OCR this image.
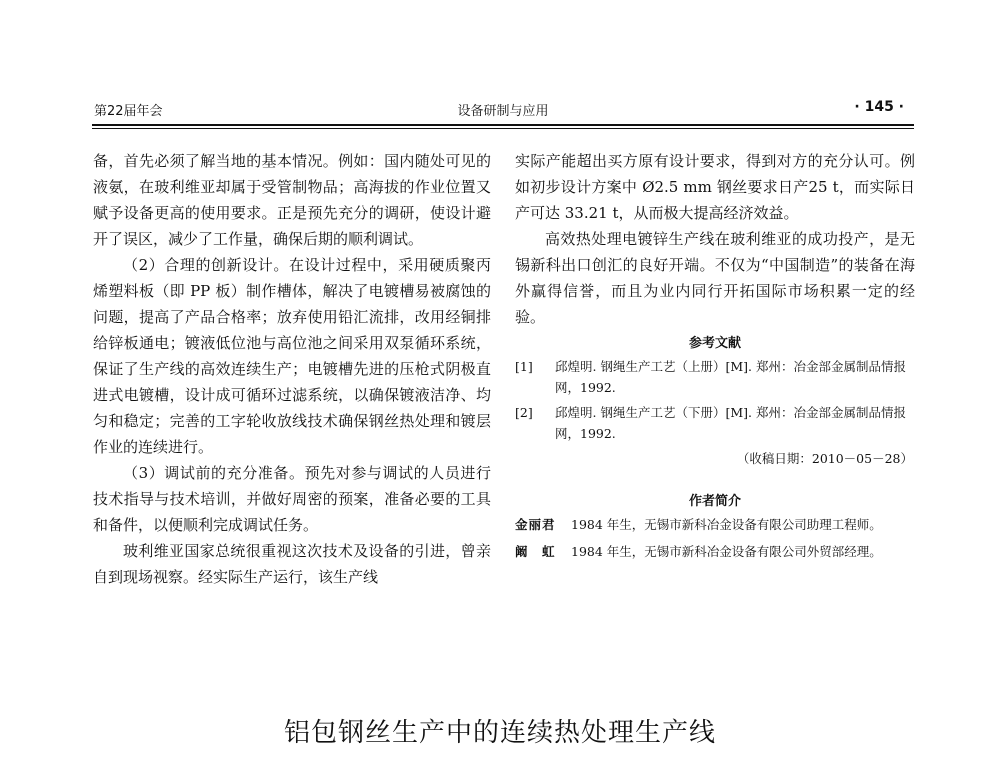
第22届年会	设备研制与应用	· 145 ·

备，首先必须了解当地的基本情况。例如：国内随处可见的液氨，在玻利维亚却属于受管制物品；高海拔的作业位置又赋予设备更高的使用要求。正是预先充分的调研，使设计避开了误区，减少了工作量，确保后期的顺利调试。

（2）合理的创新设计。在设计过程中，采用硬质聚丙烯塑料板（即 PP 板）制作槽体，解决了电镀槽易被腐蚀的问题，提高了产品合格率；放弃使用铅汇流排，改用经铜排给锌板通电；镀液低位池与高位池之间采用双泵循环系统，保证了生产线的高效连续生产；电镀槽先进的压枪式阴极直进式电镀槽，设计成可循环过滤系统，以确保镀液洁净、均匀和稳定；完善的工字轮收放线技术确保钢丝热处理和镀层作业的连续进行。

（3）调试前的充分准备。预先对参与调试的人员进行技术指导与技术培训，并做好周密的预案，准备必要的工具和备件，以便顺利完成调试任务。

玻利维亚国家总统很重视这次技术及设备的引进，曾亲自到现场视察。经实际生产运行，该生产线

实际产能超出买方原有设计要求，得到对方的充分认可。例如初步设计方案中 Ø2.5 mm 钢丝要求日产25 t，而实际日产可达 33.21 t，从而极大提高经济效益。

高效热处理电镀锌生产线在玻利维亚的成功投产，是无锡新科出口创汇的良好开端。不仅为“中国制造”的装备在海外赢得信誉，而且为业内同行开拓国际市场积累一定的经验。

参考文献
[1]	邱煌明. 钢绳生产工艺（上册）[M]. 郑州：冶金部金属制品情报网，1992.
[2]	邱煌明. 钢绳生产工艺（下册）[M]. 郑州：冶金部金属制品情报网，1992.
（收稿日期：2010－05－28）
作者简介
金丽君	1984 年生，无锡市新科冶金设备有限公司助理工程师。
阚　虹	1984 年生，无锡市新科冶金设备有限公司外贸部经理。
铝包钢丝生产中的连续热处理生产线
